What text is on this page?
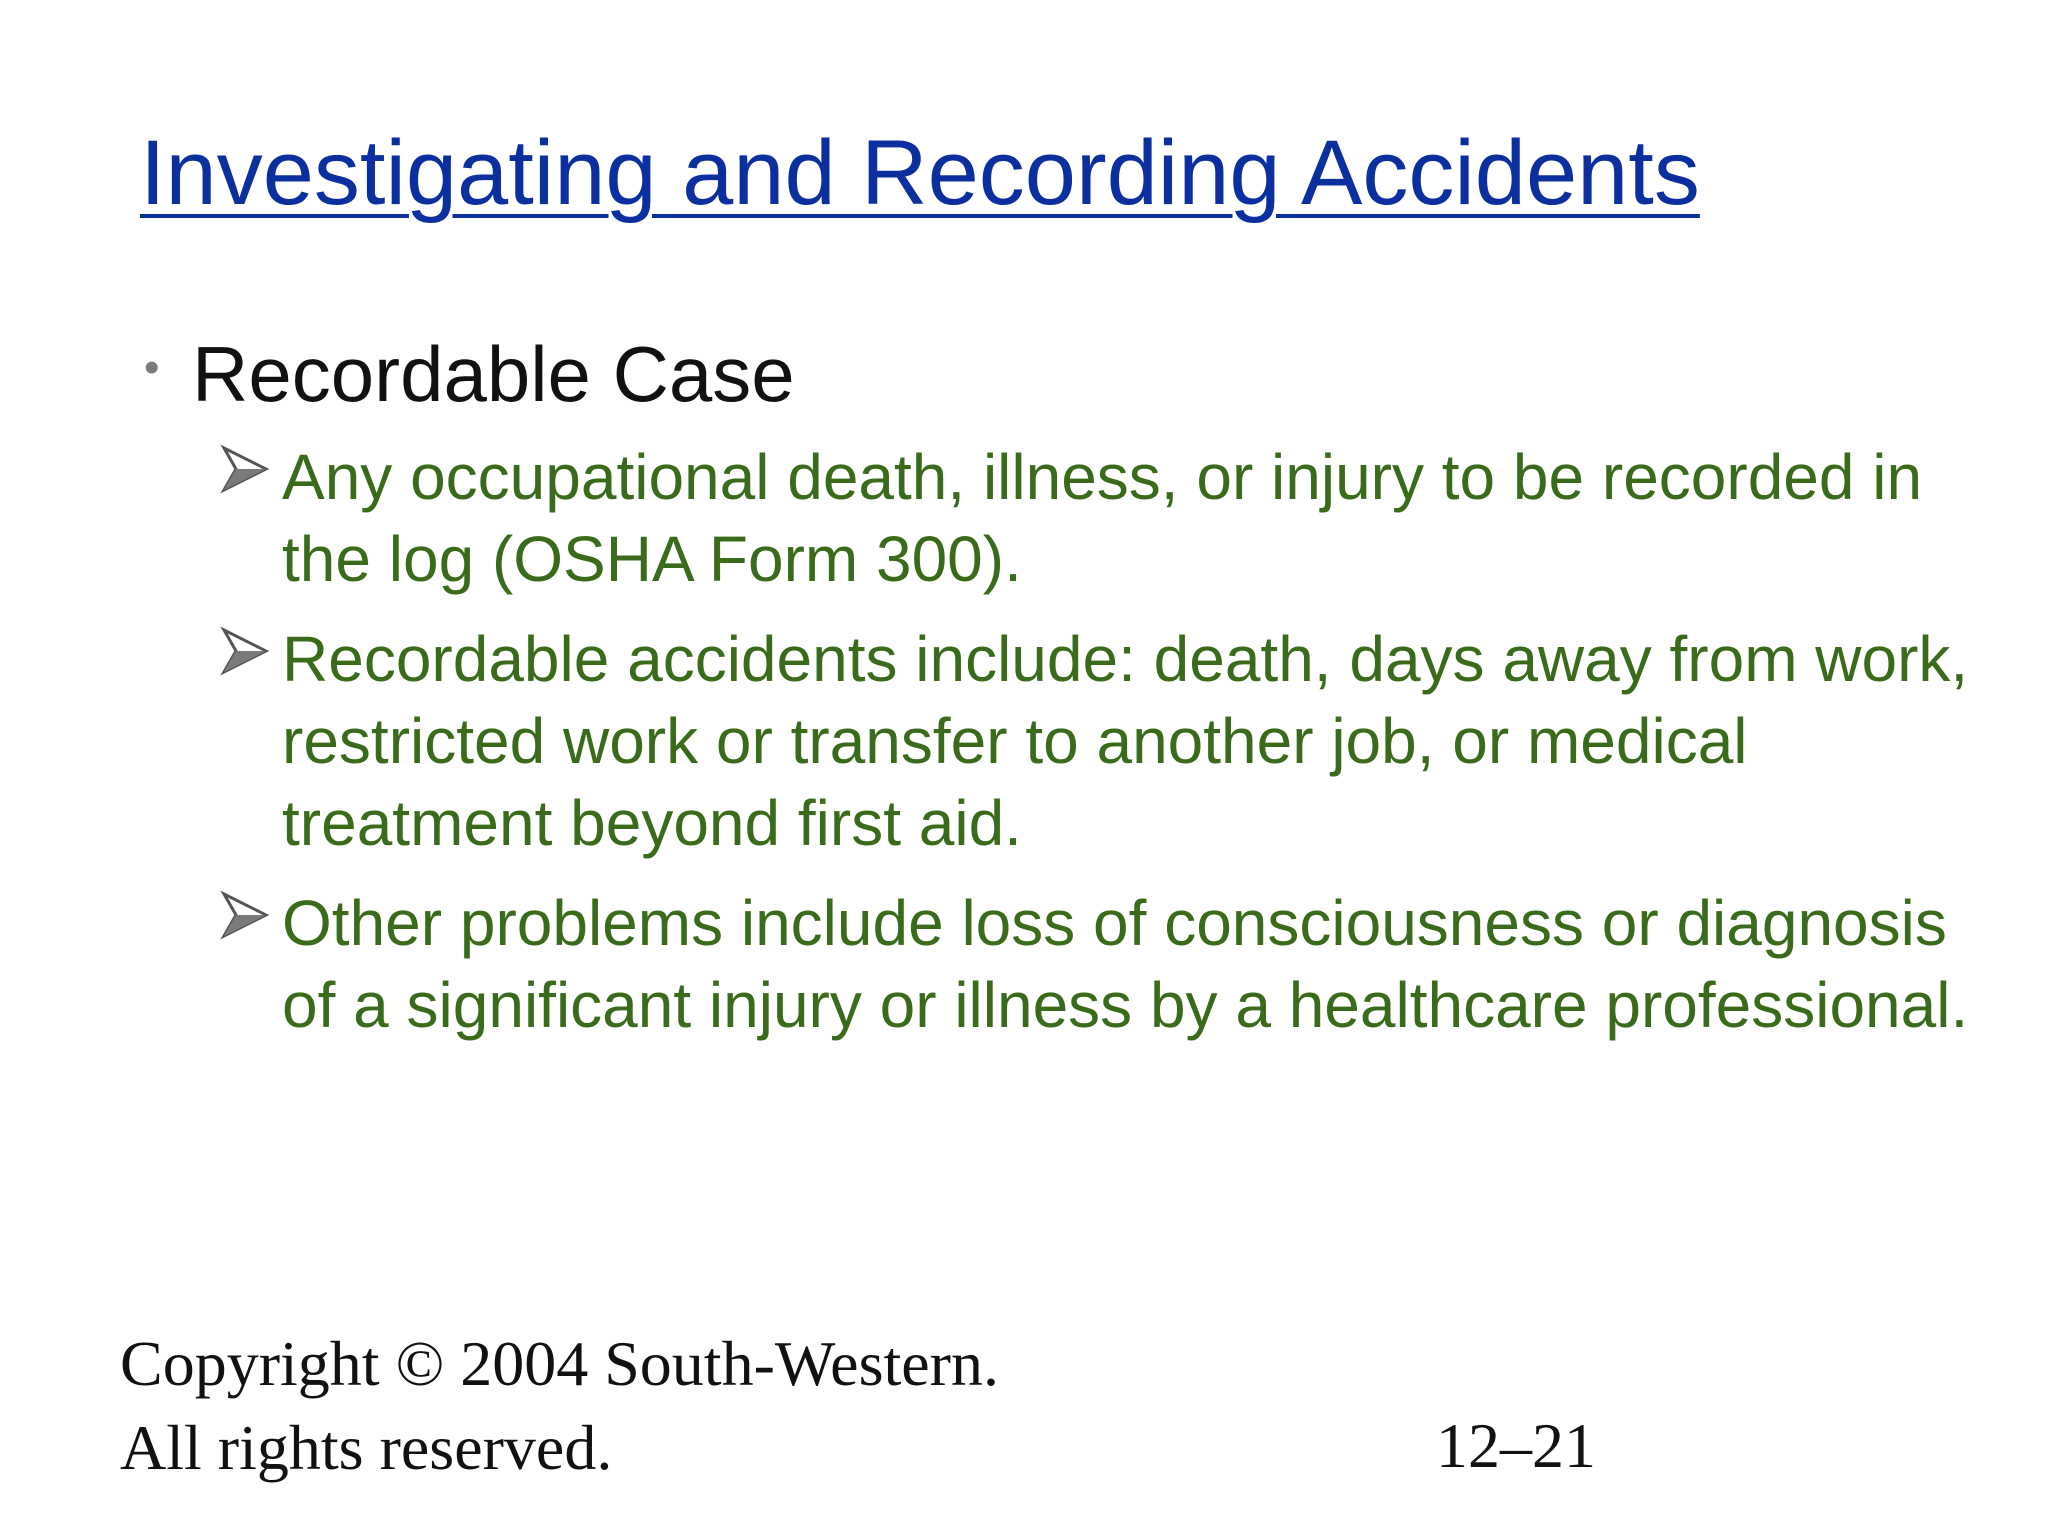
Investigating and Recording Accidents
• Recordable Case
Any occupational death, illness, or injury to be recorded in the log (OSHA Form 300).
Recordable accidents include: death, days away from work, restricted work or transfer to another job, or medical treatment beyond first aid.
Other problems include loss of consciousness or diagnosis of a significant injury or illness by a healthcare professional.
Copyright © 2004 South-Western. All rights reserved.	12–21
